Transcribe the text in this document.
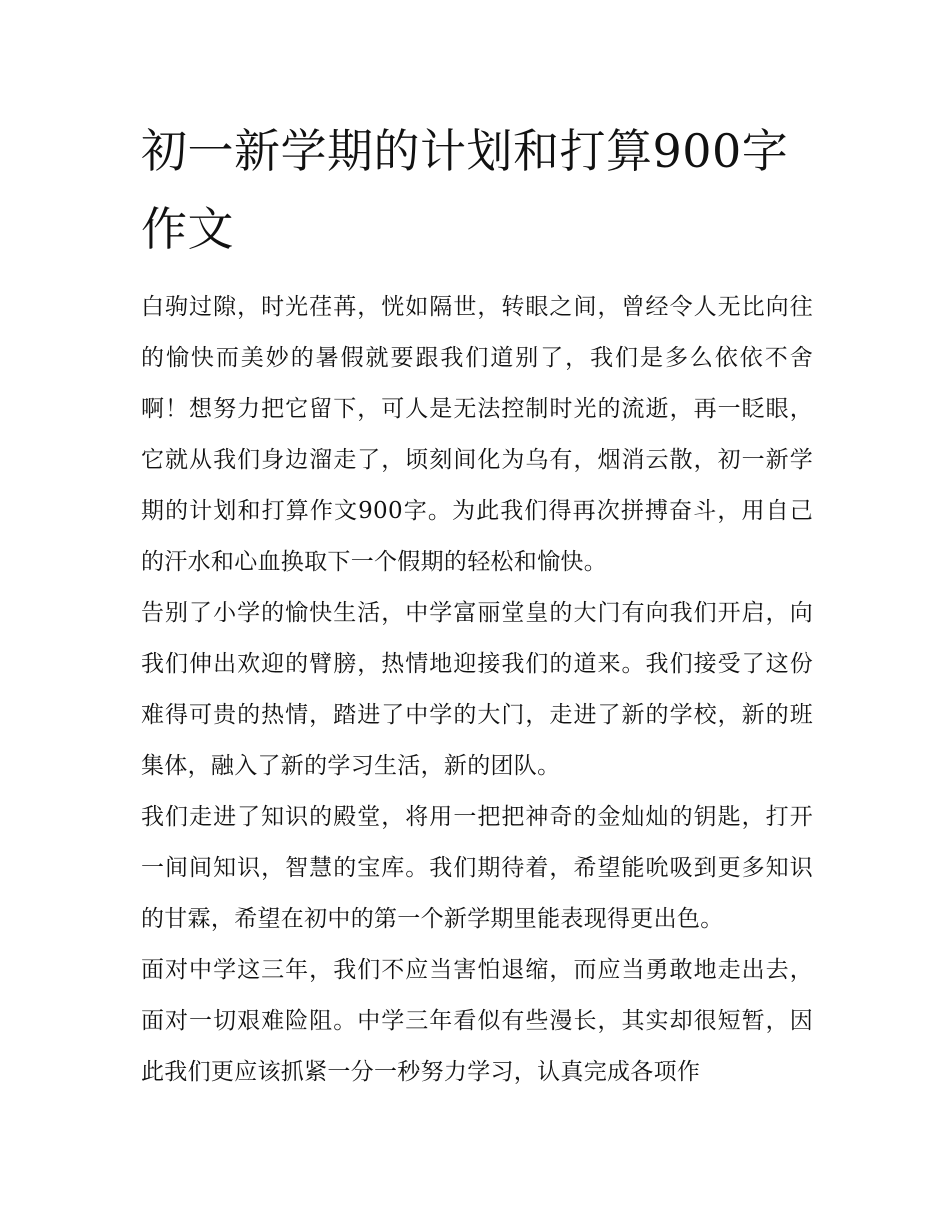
初一新学期的计划和打算900字作文

白驹过隙，时光荏苒，恍如隔世，转眼之间，曾经令人无比向往的愉快而美妙的暑假就要跟我们道别了，我们是多么依依不舍啊！想努力把它留下，可人是无法控制时光的流逝，再一眨眼，它就从我们身边溜走了，顷刻间化为乌有，烟消云散，初一新学期的计划和打算作文900字。为此我们得再次拼搏奋斗，用自己的汗水和心血换取下一个假期的轻松和愉快。

告别了小学的愉快生活，中学富丽堂皇的大门有向我们开启，向我们伸出欢迎的臂膀，热情地迎接我们的道来。我们接受了这份难得可贵的热情，踏进了中学的大门，走进了新的学校，新的班集体，融入了新的学习生活，新的团队。

我们走进了知识的殿堂，将用一把把神奇的金灿灿的钥匙，打开一间间知识，智慧的宝库。我们期待着，希望能吮吸到更多知识的甘霖，希望在初中的第一个新学期里能表现得更出色。

面对中学这三年，我们不应当害怕退缩，而应当勇敢地走出去，面对一切艰难险阻。中学三年看似有些漫长，其实却很短暂，因此我们更应该抓紧一分一秒努力学习，认真完成各项作
